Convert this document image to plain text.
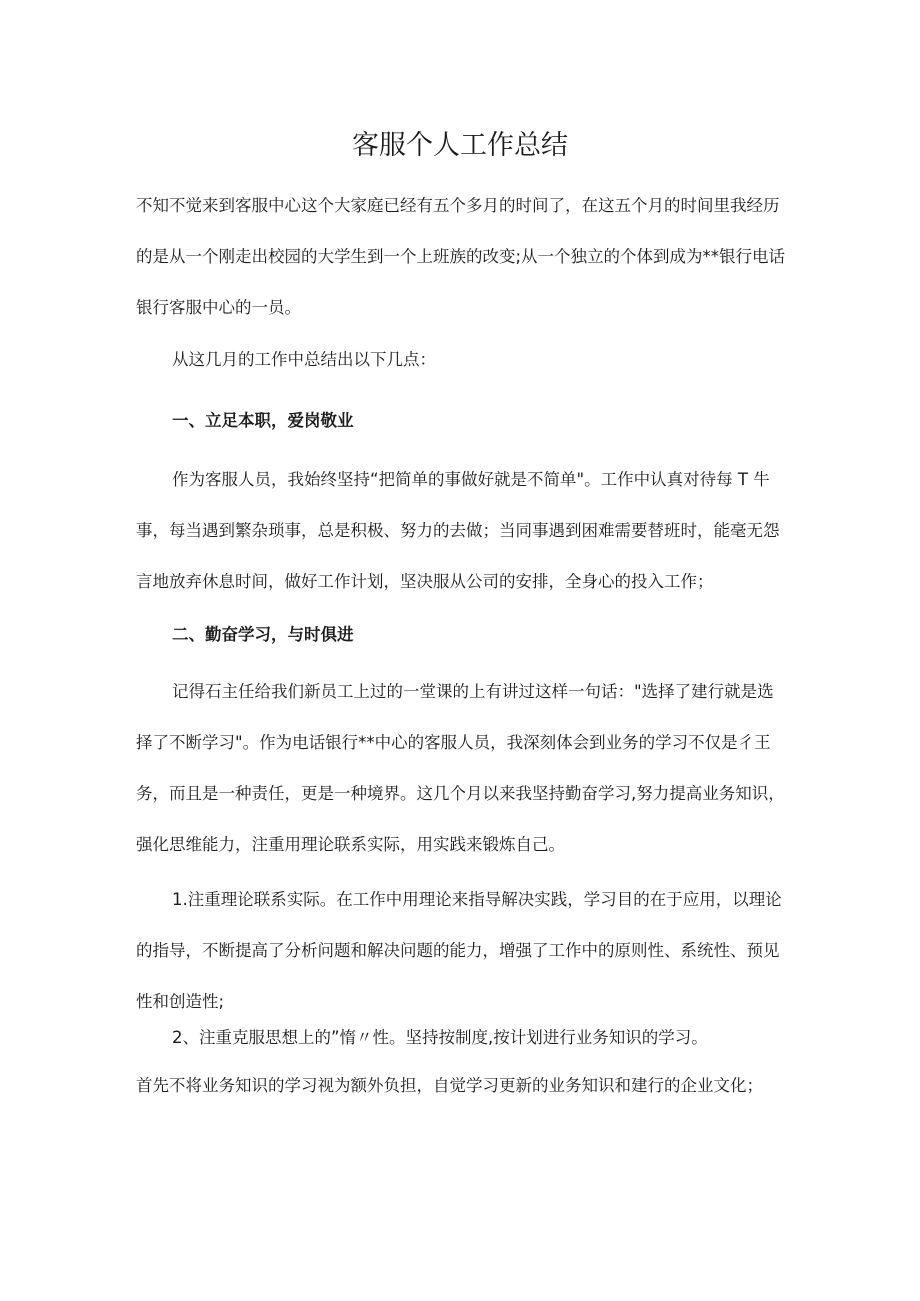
客服个人工作总结

不知不觉来到客服中心这个大家庭已经有五个多月的时间了，在这五个月的时间里我经历的是从一个刚走出校园的大学生到一个上班族的改变;从一个独立的个体到成为**银行电话银行客服中心的一员。

从这几月的工作中总结出以下几点：

一、立足本职，爱岗敬业

作为客服人员，我始终坚持“把简单的事做好就是不简单"。工作中认真对待每 T 牛事，每当遇到繁杂琐事，总是积极、努力的去做；当同事遇到困难需要替班时，能毫无怨言地放弃休息时间，做好工作计划，坚决服从公司的安排，全身心的投入工作；

二、勤奋学习，与时俱进

记得石主任给我们新员工上过的一堂课的上有讲过这样一句话："选择了建行就是选择了不断学习"。作为电话银行**中心的客服人员，我深刻体会到业务的学习不仅是彳王务，而且是一种责任，更是一种境界。这几个月以来我坚持勤奋学习,努力提高业务知识，强化思维能力，注重用理论联系实际，用实践来锻炼自己。

1.注重理论联系实际。在工作中用理论来指导解决实践，学习目的在于应用，以理论的指导，不断提高了分析问题和解决问题的能力，增强了工作中的原则性、系统性、预见性和创造性;

2、注重克服思想上的”惰〃性。坚持按制度,按计划进行业务知识的学习。

首先不将业务知识的学习视为额外负担，自觉学习更新的业务知识和建行的企业文化；
